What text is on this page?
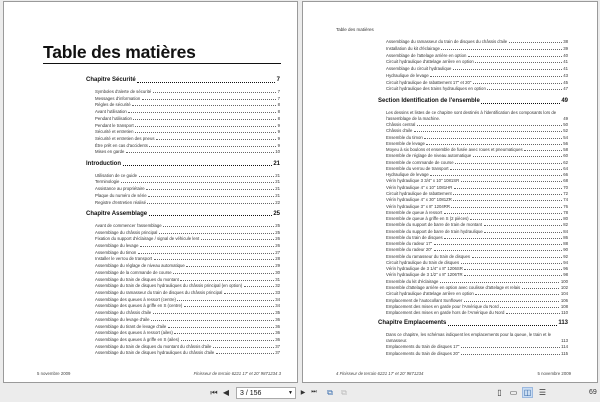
Table des matières
5 novembre 2009	Finisseur de terrain 6221 17' et 20' 9871234 3
Chapitre Sécurité	7
Symboles d'alerte de sécurité	7
Messages d'information	7
Règles de sécurité	8
Avant l'utilisation	8
Pendant l'utilisation	8
Pendant le transport	9
Sécurité et entretien	9
Sécurité et entretien des pneus	9
Être prêt en cas d'accidents	9
Mises en garde	10
Introduction	21
Utilisation de ce guide	21
Terminologie	21
Assistance au propriétaire	21
Plaque du numéro de série	21
Registre d'entretien réalisé	22
Chapitre Assemblage	25
Avant de commencer l'assemblage	25
Assemblage du châssis principal	25
Fixation du support d'éclairage / signal de véhicule lent	26
Assemblage du levage	26
Assemblage du timon	27
Installer le verrou de transport	28
Assemblage du réglage de niveau automatique	29
Assemblage de la commande de course	30
Assemblage du train de disques du montant	31
Assemblage du train de disques hydrauliques du châssis principal (en option)	32
Assemblage du ramasseur du train de disques du châssis principal	33
Assemblage des queues à ressort (centre)	34
Assemblage des queues à griffe en S (centre)	34
Assemblage du châssis d'aile	35
Assemblage du levage d'aile	36
Assemblage du tirant de levage d'aile	36
Assemblage des queues à ressort (ailes)	36
Assemblage des queues à griffe en S (ailes)	36
Assemblage du train de disques du montant du châssis d'aile	37
Assemblage du train de disques hydrauliques du châssis d'aile	37
Table des matières
4 Finisseur de terrain 6221 17' et 20' 9871234	5 novembre 2009
Assemblage du ramasseur du train de disques du châssis d'aile	38
Installation du kit d'éclairage	39
Assemblage de l'attelage arrière en option	40
Circuit hydraulique d'attelage arrière en option	41
Assemblage du circuit hydraulique	41
Hydraulique de levage	43
Circuit hydraulique de rabattement 17" et 20"	45
Circuit hydraulique des trains hydrauliques en option	47
Section Identification de l'ensemble	49
Les dessins et listes de ce chapitre sont destinés à l'identification des composants lors de l'assemblage de la machine.	49
Châssis central	50
Châssis d'aile	52
Ensemble du timon	54
Ensemble de levage	56
Moyeu à six boulons et ensemble de fusée avec roues et pneumatiques	58
Ensemble de réglage de niveau automatique	60
Ensemble de commande de course	62
Ensemble du verrou de transport	64
Hydraulique de levage	66
Vérin hydraulique 3 3/4" x 10" 1081SR	68
Vérin hydraulique 4" x 10" 1081HR	70
Circuit hydraulique de rabattement	72
Vérin hydraulique 4" x 30" 1081ZR	74
Vérin hydraulique 3" x 8" 1204RR	76
Ensemble de queue à ressort	78
Ensemble de queue à griffe en S (2 pièces)	80
Ensemble du support de barre de train de montant	82
Ensemble du support de barre de train hydraulique	84
Ensemble du train de disques	86
Ensemble du radeur 17"	88
Ensemble du radeur 20"	90
Ensemble du ramasseur du train de disques	92
Circuit hydraulique du train de disques	94
Vérin hydraulique de 3 1/4" x 8" 1206SR	96
Vérin hydraulique de 3 1/2" x 8" 1206TR	98
Ensemble du kit d'éclairage	100
Ensemble d'attelage arrière en option avec coulisse d'attelage et relais	102
Circuit hydraulique d'attelage arrière en option	104
Emplacement de l'autocollant Sunflower	106
Emplacement des mises en garde pour l'Amérique du Nord	108
Emplacement des mises en garde hors de l'Amérique du Nord	110
Chapitre Emplacements	113
Dans ce chapitre, les schémas indiquent les emplacements pour la queue, le train et le ramasseur.	113
Emplacements du train de disques 17"	114
Emplacements du train de disques 20"	115
⏮ ◀ 3 / 156	▼ ▶ ⏭ ⧉ ⧉	▯	▭ ◫ ☰	69
